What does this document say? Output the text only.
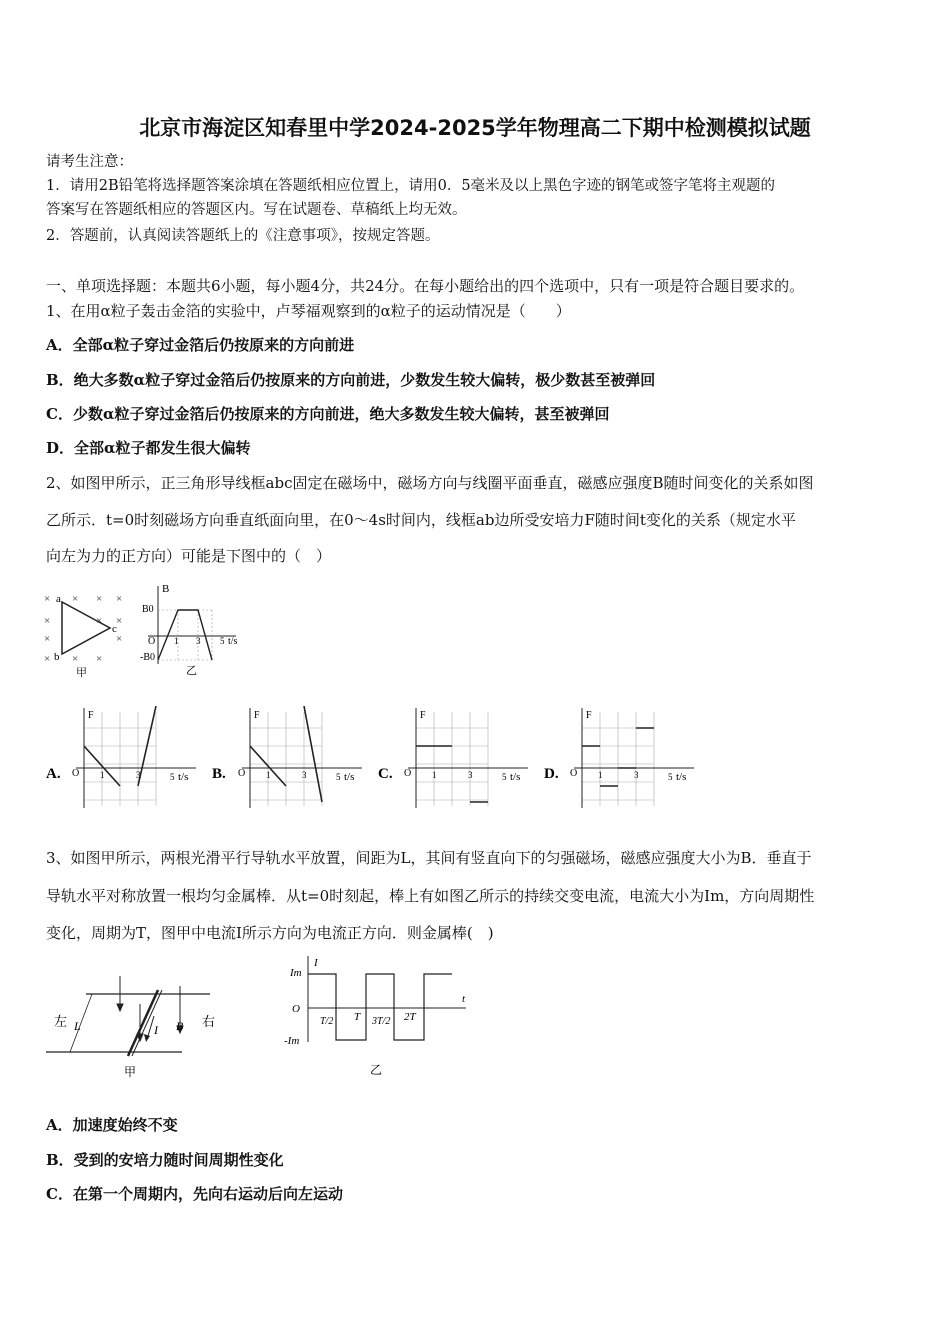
北京市海淀区知春里中学2024-2025学年物理高二下期中检测模拟试题
请考生注意：
1．请用2B铅笔将选择题答案涂填在答题纸相应位置上，请用0．5毫米及以上黑色字迹的钢笔或签字笔将主观题的
答案写在答题纸相应的答题区内。写在试题卷、草稿纸上均无效。
2．答题前，认真阅读答题纸上的《注意事项》，按规定答题。
一、单项选择题：本题共6小题，每小题4分，共24分。在每小题给出的四个选项中，只有一项是符合题目要求的。
1、在用α粒子轰击金箔的实验中，卢琴福观察到的α粒子的运动情况是（　　）
A．全部α粒子穿过金箔后仍按原来的方向前进
B．绝大多数α粒子穿过金箔后仍按原来的方向前进，少数发生较大偏转，极少数甚至被弹回
C．少数α粒子穿过金箔后仍按原来的方向前进，绝大多数发生较大偏转，甚至被弹回
D．全部α粒子都发生很大偏转
2、如图甲所示，正三角形导线框abc固定在磁场中，磁场方向与线圈平面垂直，磁感应强度B随时间变化的关系如图
乙所示．t=0时刻磁场方向垂直纸面向里，在0～4s时间内，线框ab边所受安培力F随时间t变化的关系（规定水平
向左为力的正方向）可能是下图中的（　）
× × × ×
×	× ×
×	×
× × ×
a
b
c
甲
B
B0
-B0
O 1 3 5 t/s
乙
A.
F
O 1	3	5 t/s B.
F
O 1	3	5 t/s C.
F
O 1	3	5 t/s D.
F
O 1	3	5 t/s
3、如图甲所示，两根光滑平行导轨水平放置，间距为L，其间有竖直向下的匀强磁场，磁感应强度大小为B．垂直于
导轨水平对称放置一根均匀金属棒．从t=0时刻起，棒上有如图乙所示的持续交变电流，电流大小为Im，方向周期性
变化，周期为T，图甲中电流I所示方向为电流正方向．则金属棒(　)
左	右
L	I B
甲
Im
I
O
-Im
T/2 T 3T/2 2T
t
乙
A．加速度始终不变
B．受到的安培力随时间周期性变化
C．在第一个周期内，先向右运动后向左运动
